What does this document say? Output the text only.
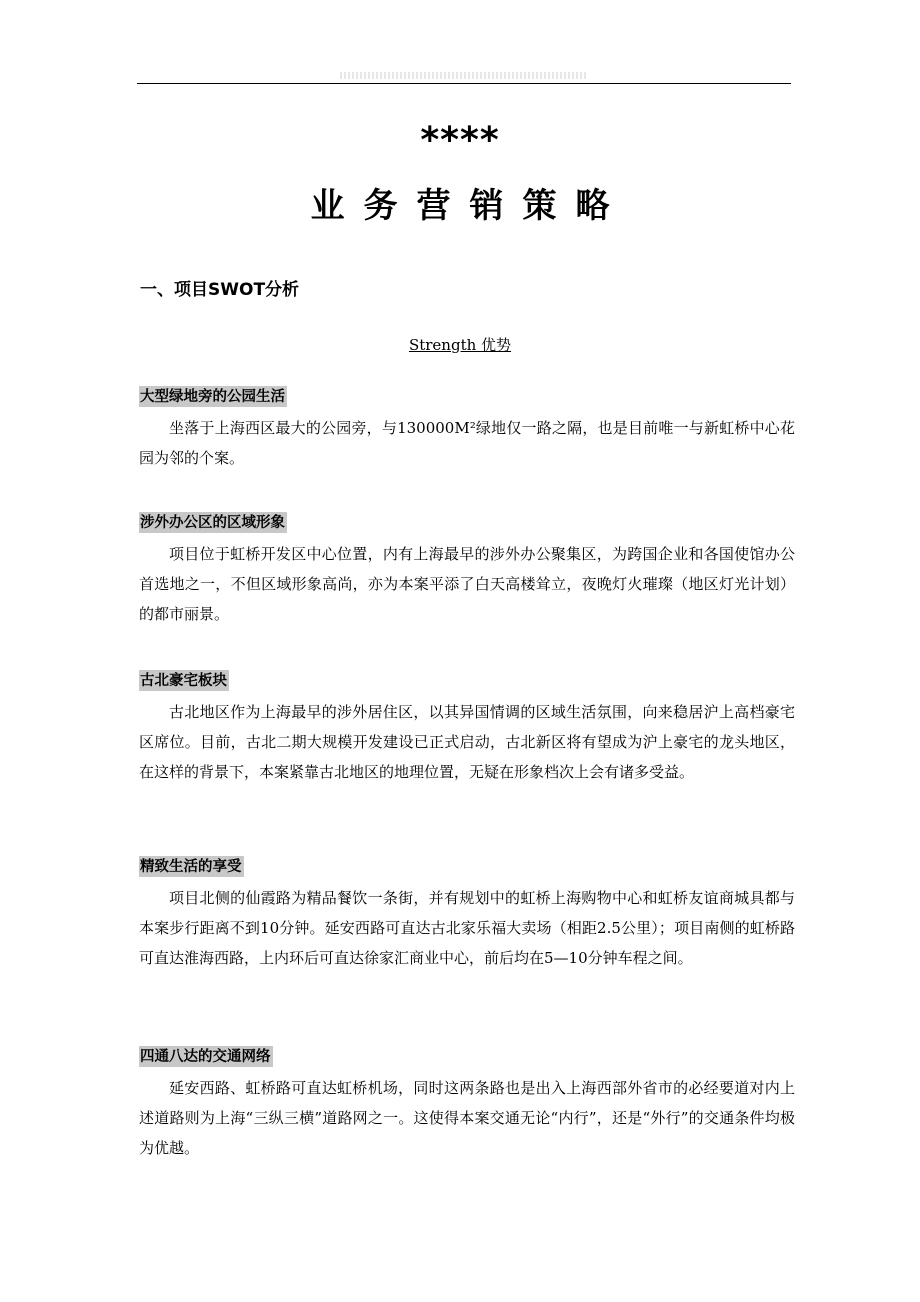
****
业务营销策略
一、项目SWOT分析
Strength 优势
大型绿地旁的公园生活

坐落于上海西区最大的公园旁，与130000M²绿地仅一路之隔，也是目前唯一与新虹桥中心花园为邻的个案。

涉外办公区的区域形象

项目位于虹桥开发区中心位置，内有上海最早的涉外办公聚集区，为跨国企业和各国使馆办公首选地之一，不但区域形象高尚，亦为本案平添了白天高楼耸立，夜晚灯火璀璨（地区灯光计划）的都市丽景。

古北豪宅板块

古北地区作为上海最早的涉外居住区，以其异国情调的区域生活氛围，向来稳居沪上高档豪宅区席位。目前，古北二期大规模开发建设已正式启动，古北新区将有望成为沪上豪宅的龙头地区，在这样的背景下，本案紧靠古北地区的地理位置，无疑在形象档次上会有诸多受益。

精致生活的享受

项目北侧的仙霞路为精品餐饮一条街，并有规划中的虹桥上海购物中心和虹桥友谊商城具都与本案步行距离不到10分钟。延安西路可直达古北家乐福大卖场（相距2.5公里）；项目南侧的虹桥路可直达淮海西路，上内环后可直达徐家汇商业中心，前后均在5—10分钟车程之间。

四通八达的交通网络

延安西路、虹桥路可直达虹桥机场，同时这两条路也是出入上海西部外省市的必经要道对内上述道路则为上海“三纵三横”道路网之一。这使得本案交通无论“内行”，还是“外行”的交通条件均极为优越。
